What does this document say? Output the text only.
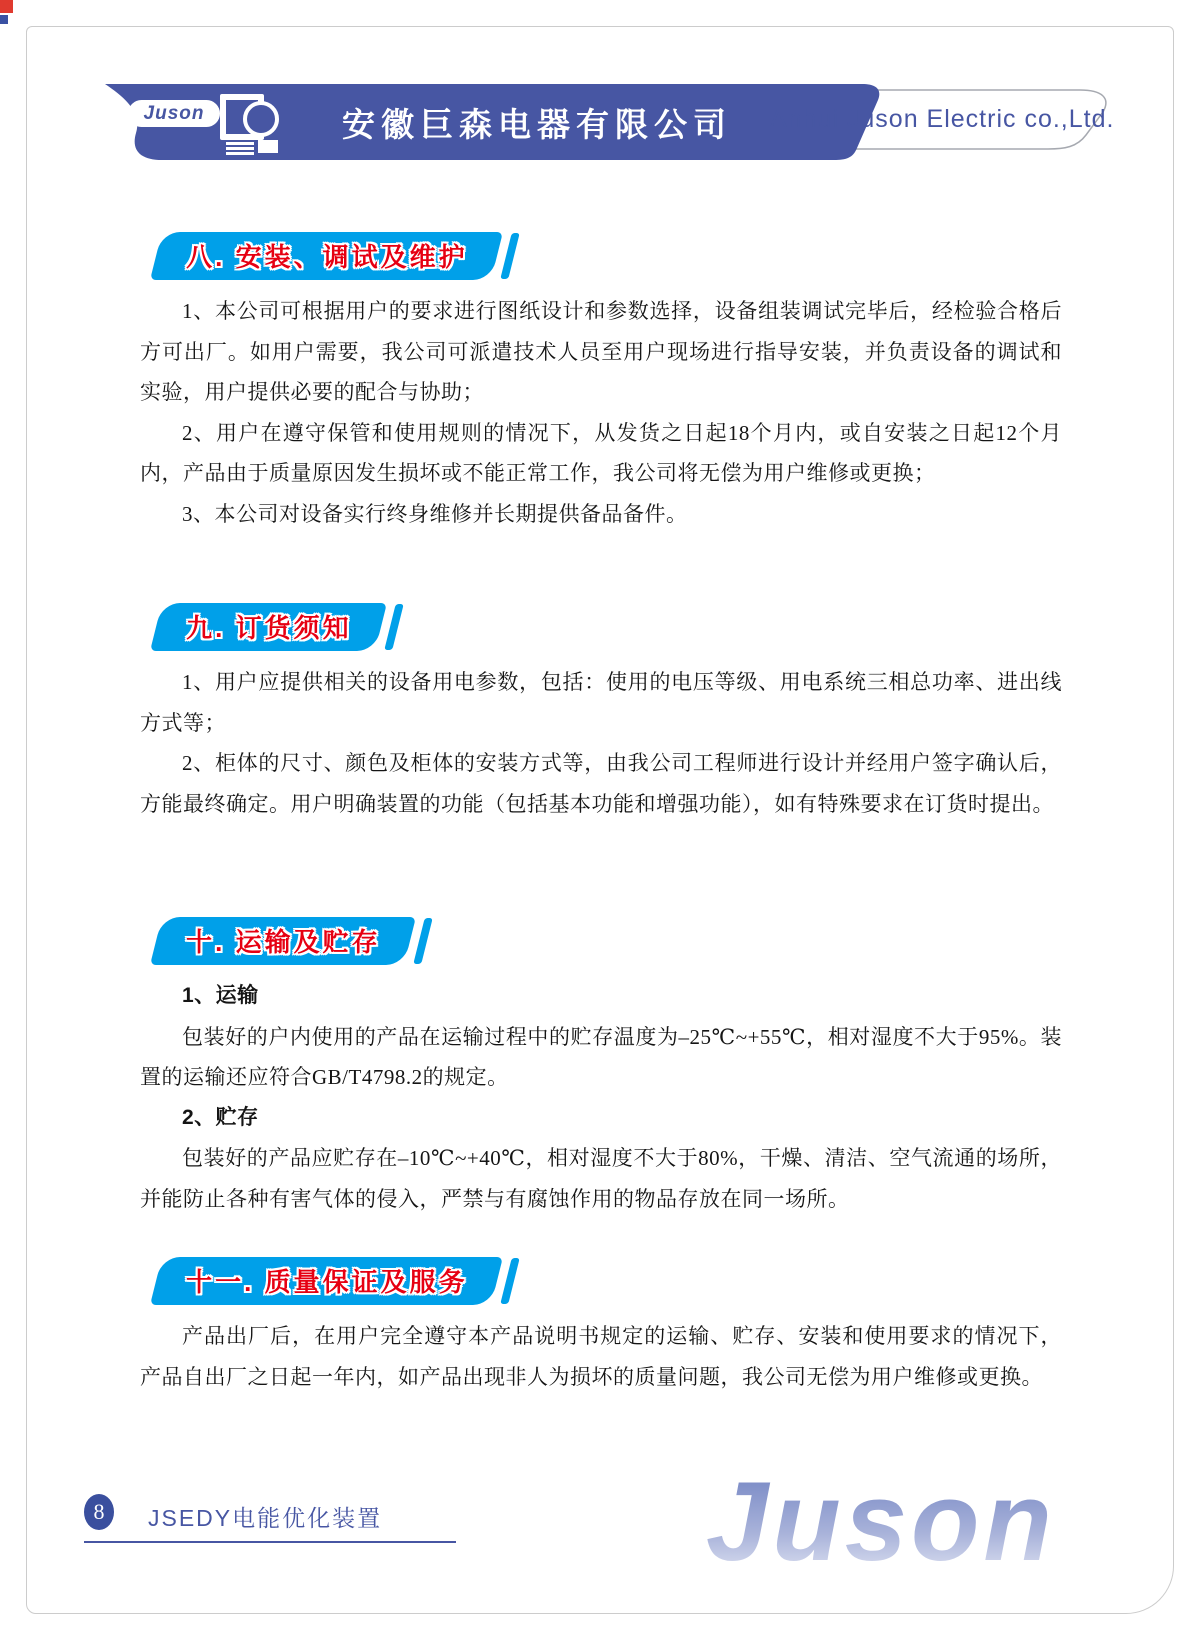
Juson	安徽巨森电器有限公司 Anhui Juson Electric co.,Ltd.
八. 安装、调试及维护

1、本公司可根据用户的要求进行图纸设计和参数选择，设备组装调试完毕后，经检验合格后方可出厂。如用户需要，我公司可派遣技术人员至用户现场进行指导安装，并负责设备的调试和实验，用户提供必要的配合与协助；

2、用户在遵守保管和使用规则的情况下，从发货之日起18个月内，或自安装之日起12个月内，产品由于质量原因发生损坏或不能正常工作，我公司将无偿为用户维修或更换；

3、本公司对设备实行终身维修并长期提供备品备件。

九. 订货须知

1、用户应提供相关的设备用电参数，包括：使用的电压等级、用电系统三相总功率、进出线方式等；

2、柜体的尺寸、颜色及柜体的安装方式等，由我公司工程师进行设计并经用户签字确认后，方能最终确定。用户明确装置的功能（包括基本功能和增强功能），如有特殊要求在订货时提出。

十. 运输及贮存

1、运输

包装好的户内使用的产品在运输过程中的贮存温度为–25℃~+55℃，相对湿度不大于95%。装置的运输还应符合GB/T4798.2的规定。

2、贮存

包装好的产品应贮存在–10℃~+40℃，相对湿度不大于80%，干燥、清洁、空气流通的场所，并能防止各种有害气体的侵入，严禁与有腐蚀作用的物品存放在同一场所。

十一. 质量保证及服务

产品出厂后，在用户完全遵守本产品说明书规定的运输、贮存、安装和使用要求的情况下，产品自出厂之日起一年内，如产品出现非人为损坏的质量问题，我公司无偿为用户维修或更换。

8	JSEDY电能优化装置	Juson
